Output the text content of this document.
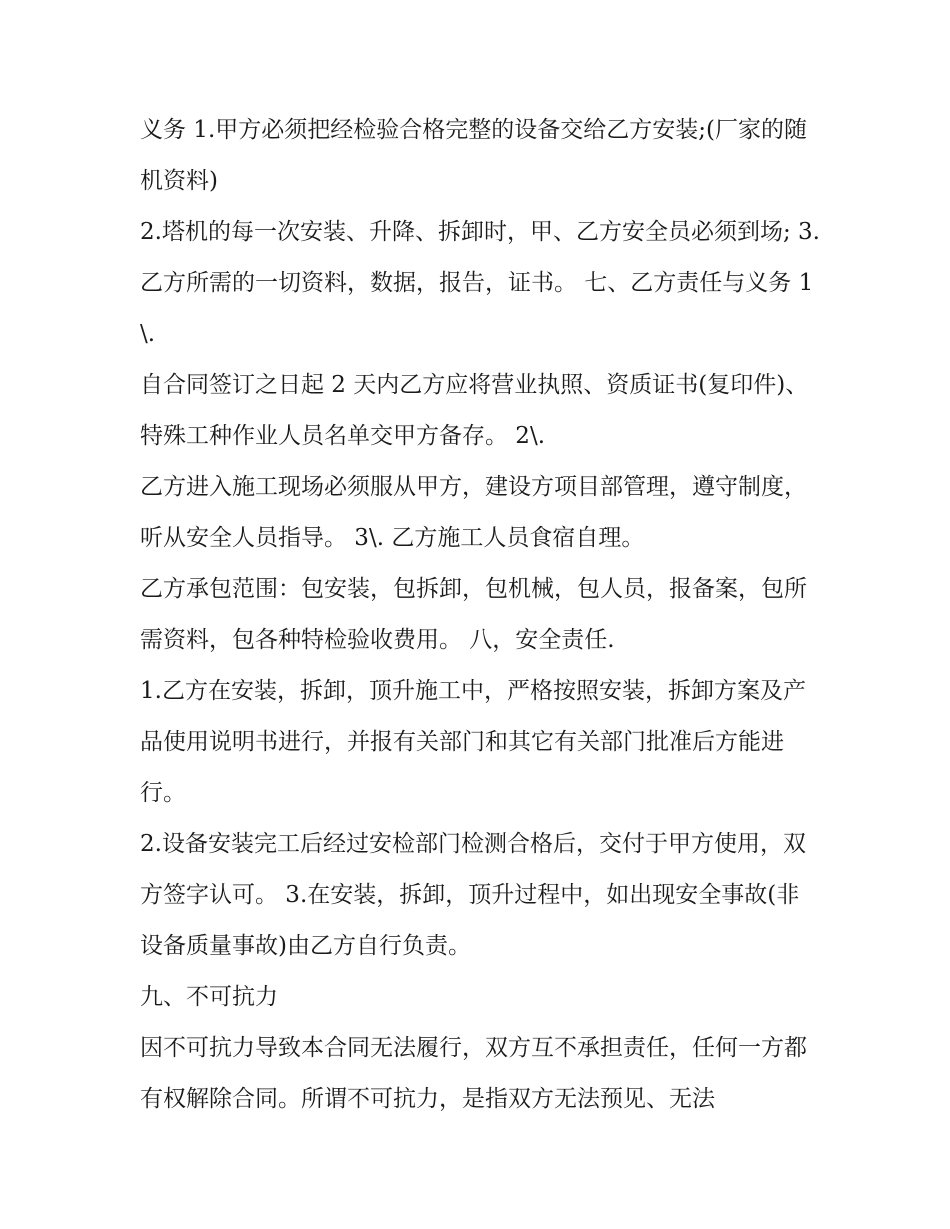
义务 1.甲方必须把经检验合格完整的设备交给乙方安装;(厂家的随机资料)

2.塔机的每一次安装、升降、拆卸时，甲、乙方安全员必须到场; 3.乙方所需的一切资料，数据，报告，证书。 七、乙方责任与义务 1\.

自合同签订之日起 2 天内乙方应将营业执照、资质证书(复印件)、特殊工种作业人员名单交甲方备存。 2\.

乙方进入施工现场必须服从甲方，建设方项目部管理，遵守制度，听从安全人员指导。 3\. 乙方施工人员食宿自理。

乙方承包范围：包安装，包拆卸，包机械，包人员，报备案，包所需资料，包各种特检验收费用。 八，安全责任.

1.乙方在安装，拆卸，顶升施工中，严格按照安装，拆卸方案及产品使用说明书进行，并报有关部门和其它有关部门批准后方能进行。

2.设备安装完工后经过安检部门检测合格后，交付于甲方使用，双方签字认可。 3.在安装，拆卸，顶升过程中，如出现安全事故(非设备质量事故)由乙方自行负责。

九、不可抗力

因不可抗力导致本合同无法履行，双方互不承担责任，任何一方都有权解除合同。所谓不可抗力，是指双方无法预见、无法
